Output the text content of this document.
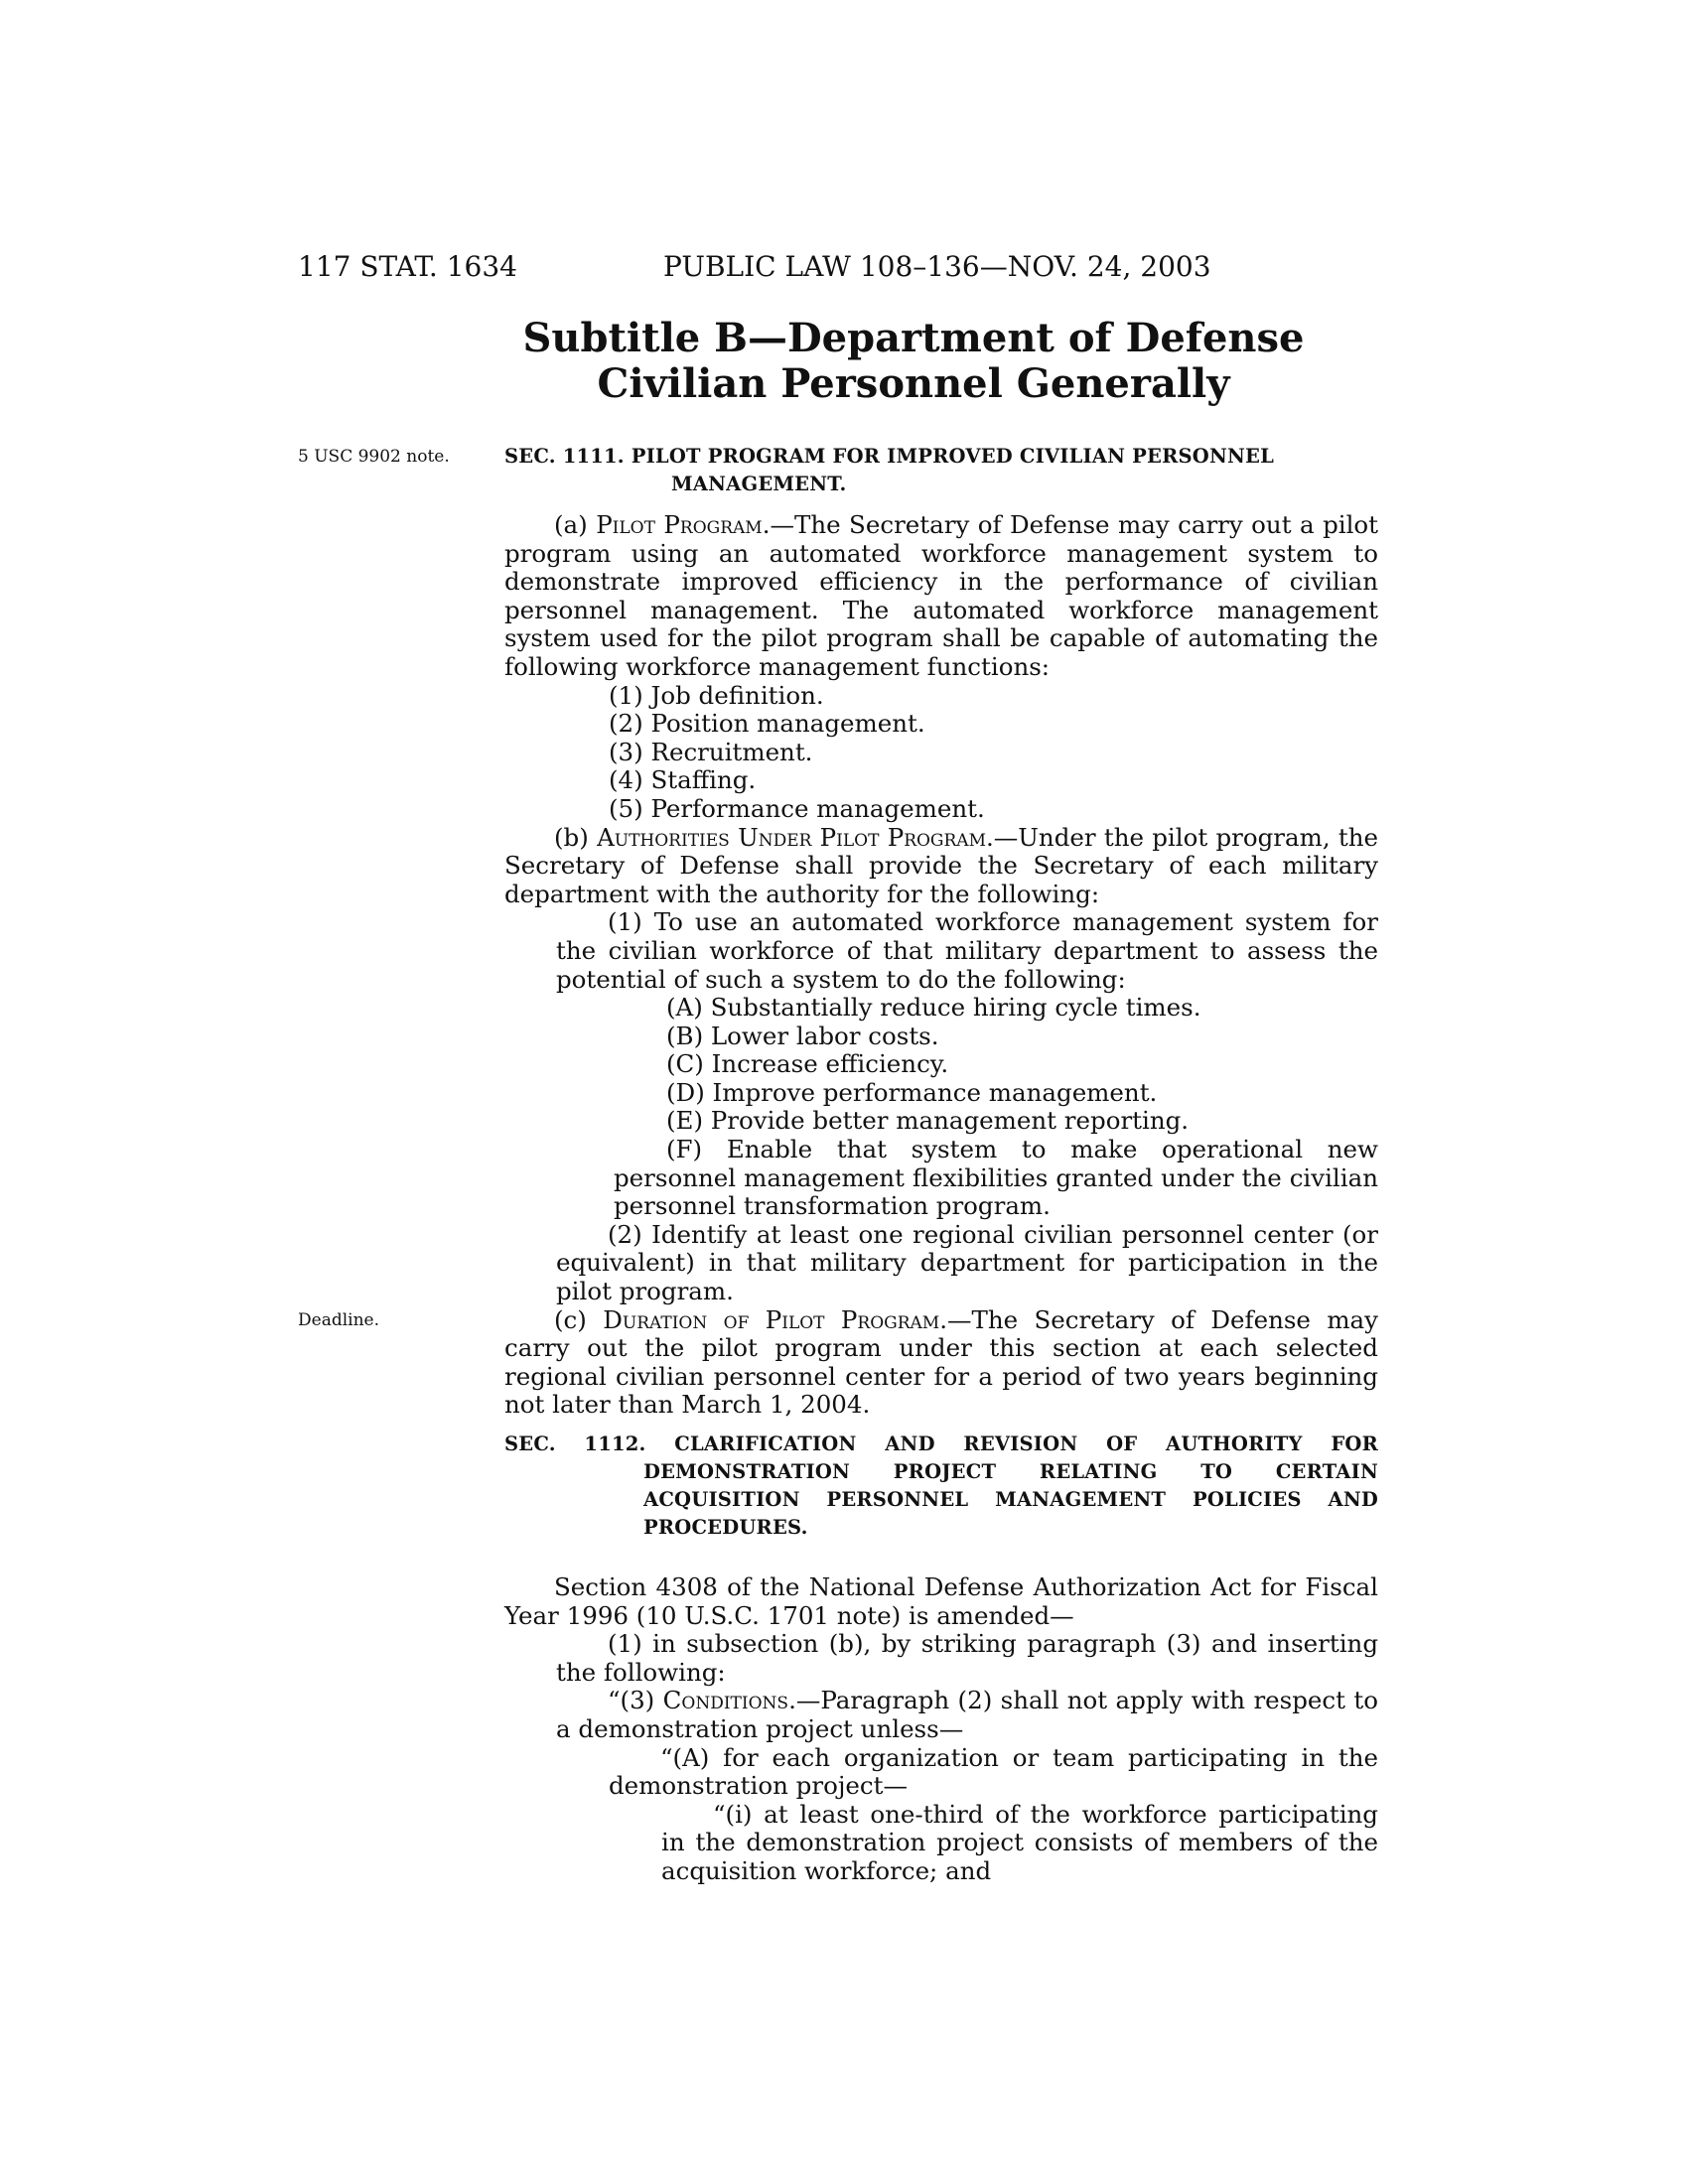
117 STAT. 1634	PUBLIC LAW 108–136—NOV. 24, 2003
Subtitle B—Department of Defense
Civilian Personnel Generally
5 USC 9902 note.
Deadline.
SEC. 1111. PILOT PROGRAM FOR IMPROVED CIVILIAN PERSONNEL
MANAGEMENT.

(a) Pilot Program.—The Secretary of Defense may carry out a pilot program using an automated workforce management system to demonstrate improved efficiency in the performance of civilian personnel management. The automated workforce management system used for the pilot program shall be capable of automating the following workforce management functions:

(1) Job definition.

(2) Position management.

(3) Recruitment.

(4) Staffing.

(5) Performance management.

(b) Authorities Under Pilot Program.—Under the pilot program, the Secretary of Defense shall provide the Secretary of each military department with the authority for the following:

(1) To use an automated workforce management system for the civilian workforce of that military department to assess the potential of such a system to do the following:

(A) Substantially reduce hiring cycle times.

(B) Lower labor costs.

(C) Increase efficiency.

(D) Improve performance management.

(E) Provide better management reporting.

(F) Enable that system to make operational new personnel management flexibilities granted under the civilian personnel transformation program.

(2) Identify at least one regional civilian personnel center (or equivalent) in that military department for participation in the pilot program.

(c) Duration of Pilot Program.—The Secretary of Defense may carry out the pilot program under this section at each selected regional civilian personnel center for a period of two years beginning not later than March 1, 2004.

SEC. 1112. CLARIFICATION AND REVISION OF AUTHORITY FOR DEMONSTRATION PROJECT RELATING TO CERTAIN ACQUISITION PERSONNEL MANAGEMENT POLICIES AND PROCEDURES.

Section 4308 of the National Defense Authorization Act for Fiscal Year 1996 (10 U.S.C. 1701 note) is amended—

(1) in subsection (b), by striking paragraph (3) and inserting the following:

“(3) Conditions.—Paragraph (2) shall not apply with respect to a demonstration project unless—

“(A) for each organization or team participating in the demonstration project—

“(i) at least one-third of the workforce participating in the demonstration project consists of members of the acquisition workforce; and
